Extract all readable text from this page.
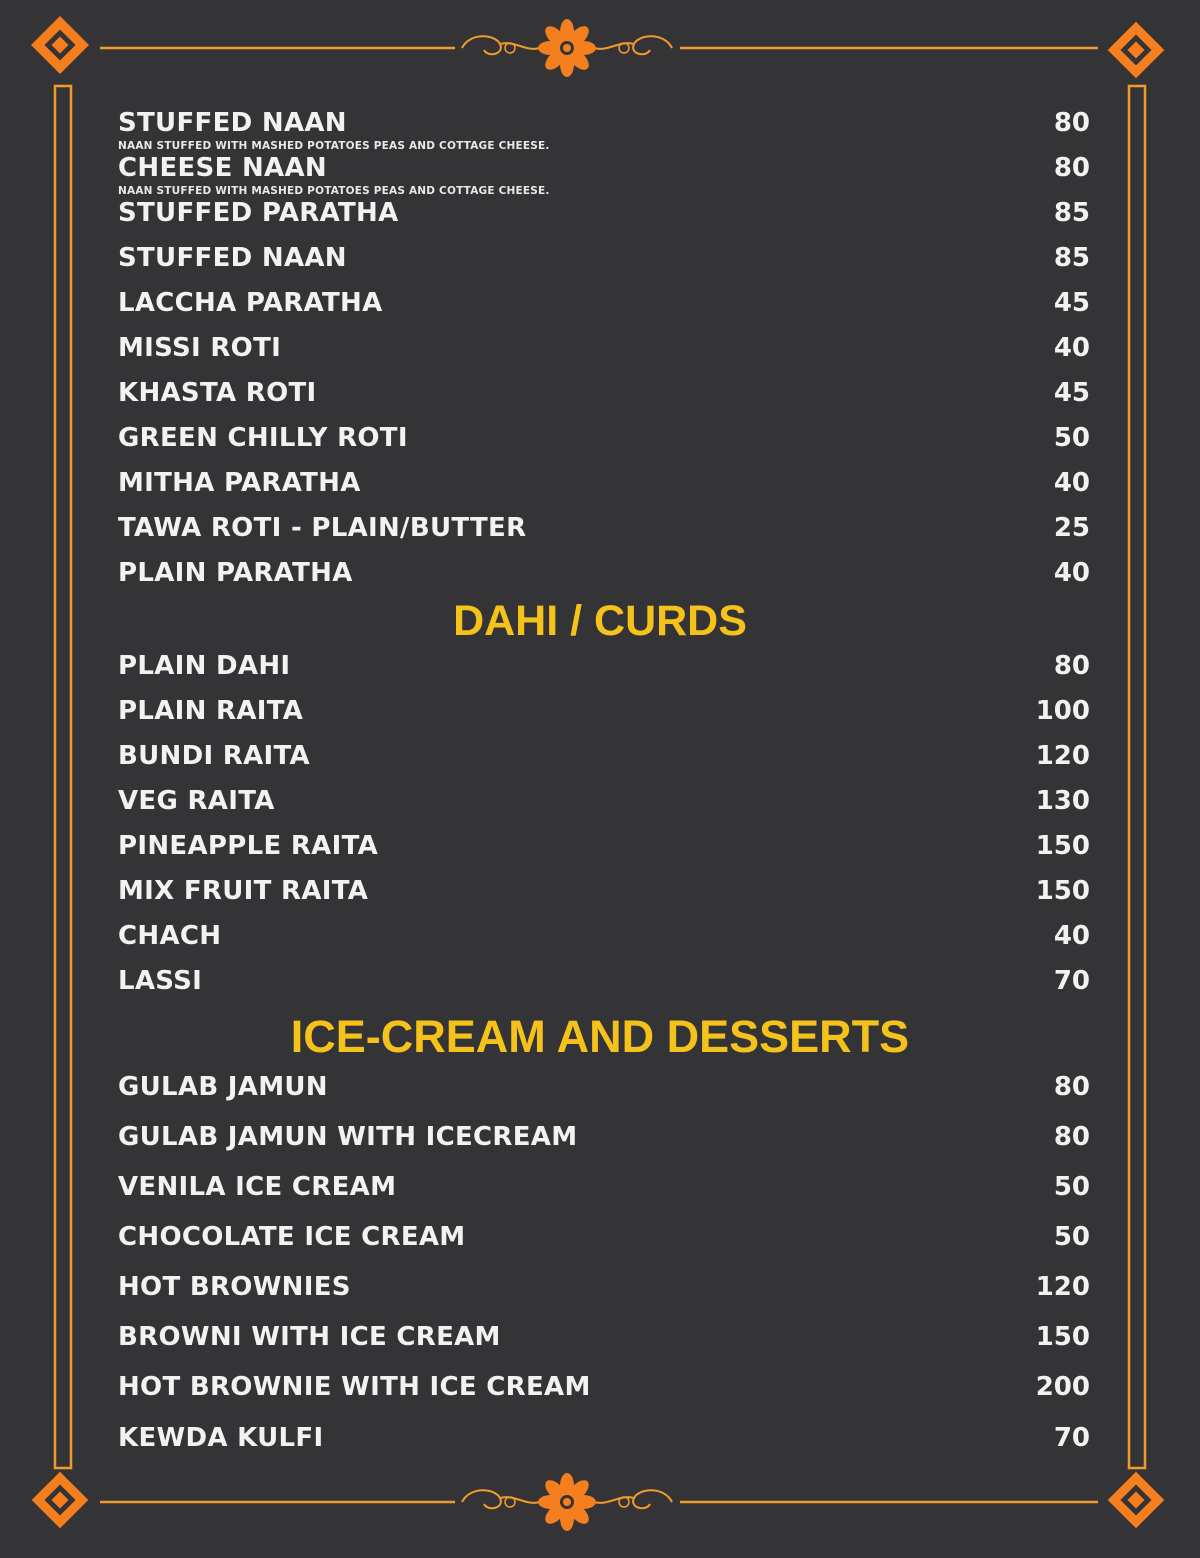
STUFFED NAAN	80
NAAN STUFFED WITH MASHED POTATOES PEAS AND COTTAGE CHEESE.
CHEESE NAAN	80
NAAN STUFFED WITH MASHED POTATOES PEAS AND COTTAGE CHEESE.
STUFFED PARATHA	85
STUFFED NAAN	85
LACCHA PARATHA	45
MISSI ROTI	40
KHASTA ROTI	45
GREEN CHILLY ROTI	50
MITHA PARATHA	40
TAWA ROTI - PLAIN/BUTTER	25
PLAIN PARATHA	40
DAHI / CURDS
PLAIN DAHI	80
PLAIN RAITA	100
BUNDI RAITA	120
VEG RAITA	130
PINEAPPLE RAITA	150
MIX FRUIT RAITA	150
CHACH	40
LASSI	70
ICE-CREAM AND DESSERTS
GULAB JAMUN	80
GULAB JAMUN WITH ICECREAM	80
VENILA ICE CREAM	50
CHOCOLATE ICE CREAM	50
HOT BROWNIES	120
BROWNI WITH ICE CREAM	150
HOT BROWNIE WITH ICE CREAM	200
KEWDA KULFI	70
